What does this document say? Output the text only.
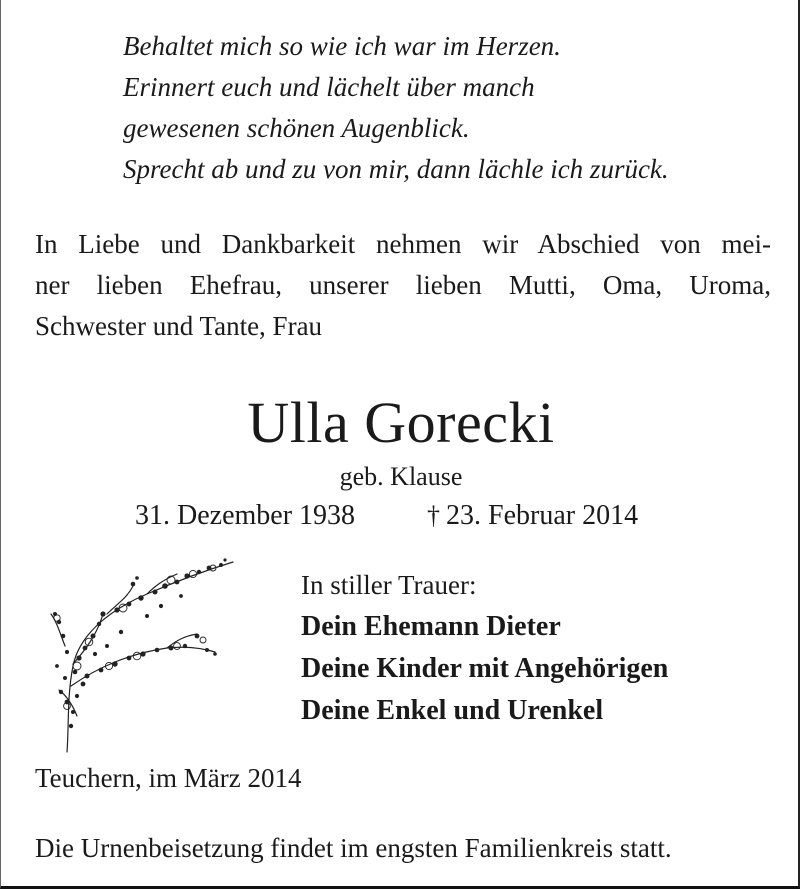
Behaltet mich so wie ich war im Herzen.
Erinnert euch und lächelt über manch
gewesenen schönen Augenblick.
Sprecht ab und zu von mir, dann lächle ich zurück.
In Liebe und Dankbarkeit nehmen wir Abschied von mei-
ner lieben Ehefrau, unserer lieben Mutti, Oma, Uroma,
Schwester und Tante, Frau
Ulla Gorecki
geb. Klause
31. Dezember 1938	† 23. Februar 2014
In stiller Trauer:
Dein Ehemann Dieter
Deine Kinder mit Angehörigen
Deine Enkel und Urenkel
Teuchern, im März 2014
Die Urnenbeisetzung findet im engsten Familienkreis statt.
